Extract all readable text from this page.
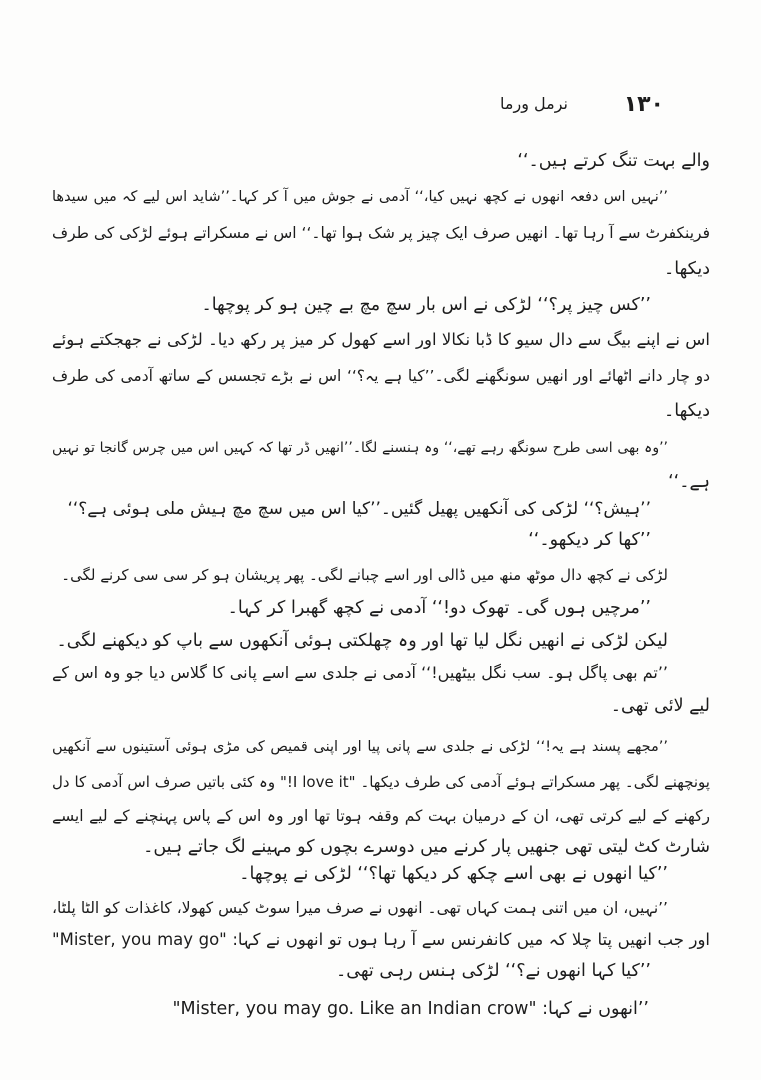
۱۳۰
نرمل ورما
والے بہت تنگ کرتے ہیں۔‘‘
’’نہیں اس دفعہ انھوں نے کچھ نہیں کیا،‘‘ آدمی نے جوش میں آ کر کہا۔’’شاید اس لیے کہ میں سیدھا
فرینکفرٹ سے آ رہا تھا۔ انھیں صرف ایک چیز پر شک ہوا تھا۔‘‘ اس نے مسکراتے ہوئے لڑکی کی طرف
دیکھا۔
’’کس چیز پر؟‘‘ لڑکی نے اس بار سچ مچ بے چین ہو کر پوچھا۔
اس نے اپنے بیگ سے دال سیو کا ڈبا نکالا اور اسے کھول کر میز پر رکھ دیا۔ لڑکی نے جھجکتے ہوئے
دو چار دانے اٹھائے اور انھیں سونگھنے لگی۔’’کیا ہے یہ؟‘‘ اس نے بڑے تجسس کے ساتھ آدمی کی طرف
دیکھا۔
’’وہ بھی اسی طرح سونگھ رہے تھے،‘‘ وہ ہنسنے لگا۔’’انھیں ڈر تھا کہ کہیں اس میں چرس گانجا تو نہیں
ہے۔‘‘
’’ہیش؟‘‘ لڑکی کی آنکھیں پھیل گئیں۔’’کیا اس میں سچ مچ ہیش ملی ہوئی ہے؟‘‘
’’کھا کر دیکھو۔‘‘
لڑکی نے کچھ دال موٹھ منھ میں ڈالی اور اسے چبانے لگی۔ پھر پریشان ہو کر سی سی کرنے لگی۔
’’مرچیں ہوں گی۔ تھوک دو!‘‘ آدمی نے کچھ گھبرا کر کہا۔
لیکن لڑکی نے انھیں نگل لیا تھا اور وہ چھلکتی ہوئی آنکھوں سے باپ کو دیکھنے لگی۔
’’تم بھی پاگل ہو۔ سب نگل بیٹھیں!‘‘ آدمی نے جلدی سے اسے پانی کا گلاس دیا جو وہ اس کے
لیے لائی تھی۔
’’مجھے پسند ہے یہ!‘‘ لڑکی نے جلدی سے پانی پیا اور اپنی قمیص کی مڑی ہوئی آستینوں سے آنکھیں
پونچھنے لگی۔ پھر مسکراتے ہوئے آدمی کی طرف دیکھا۔ "I love it!" وہ کئی باتیں صرف اس آدمی کا دل
رکھنے کے لیے کرتی تھی، ان کے درمیان بہت کم وقفہ ہوتا تھا اور وہ اس کے پاس پہنچنے کے لیے ایسے
شارٹ کٹ لیتی تھی جنھیں پار کرنے میں دوسرے بچوں کو مہینے لگ جاتے ہیں۔
’’کیا انھوں نے بھی اسے چکھ کر دیکھا تھا؟‘‘ لڑکی نے پوچھا۔
’’نہیں، ان میں اتنی ہمت کہاں تھی۔ انھوں نے صرف میرا سوٹ کیس کھولا، کاغذات کو الٹا پلٹا،
اور جب انھیں پتا چلا کہ میں کانفرنس سے آ رہا ہوں تو انھوں نے کہا: "Mister, you may go"
’’کیا کہا انھوں نے؟‘‘ لڑکی ہنس رہی تھی۔
’’انھوں نے کہا: "Mister, you may go. Like an Indian crow"
